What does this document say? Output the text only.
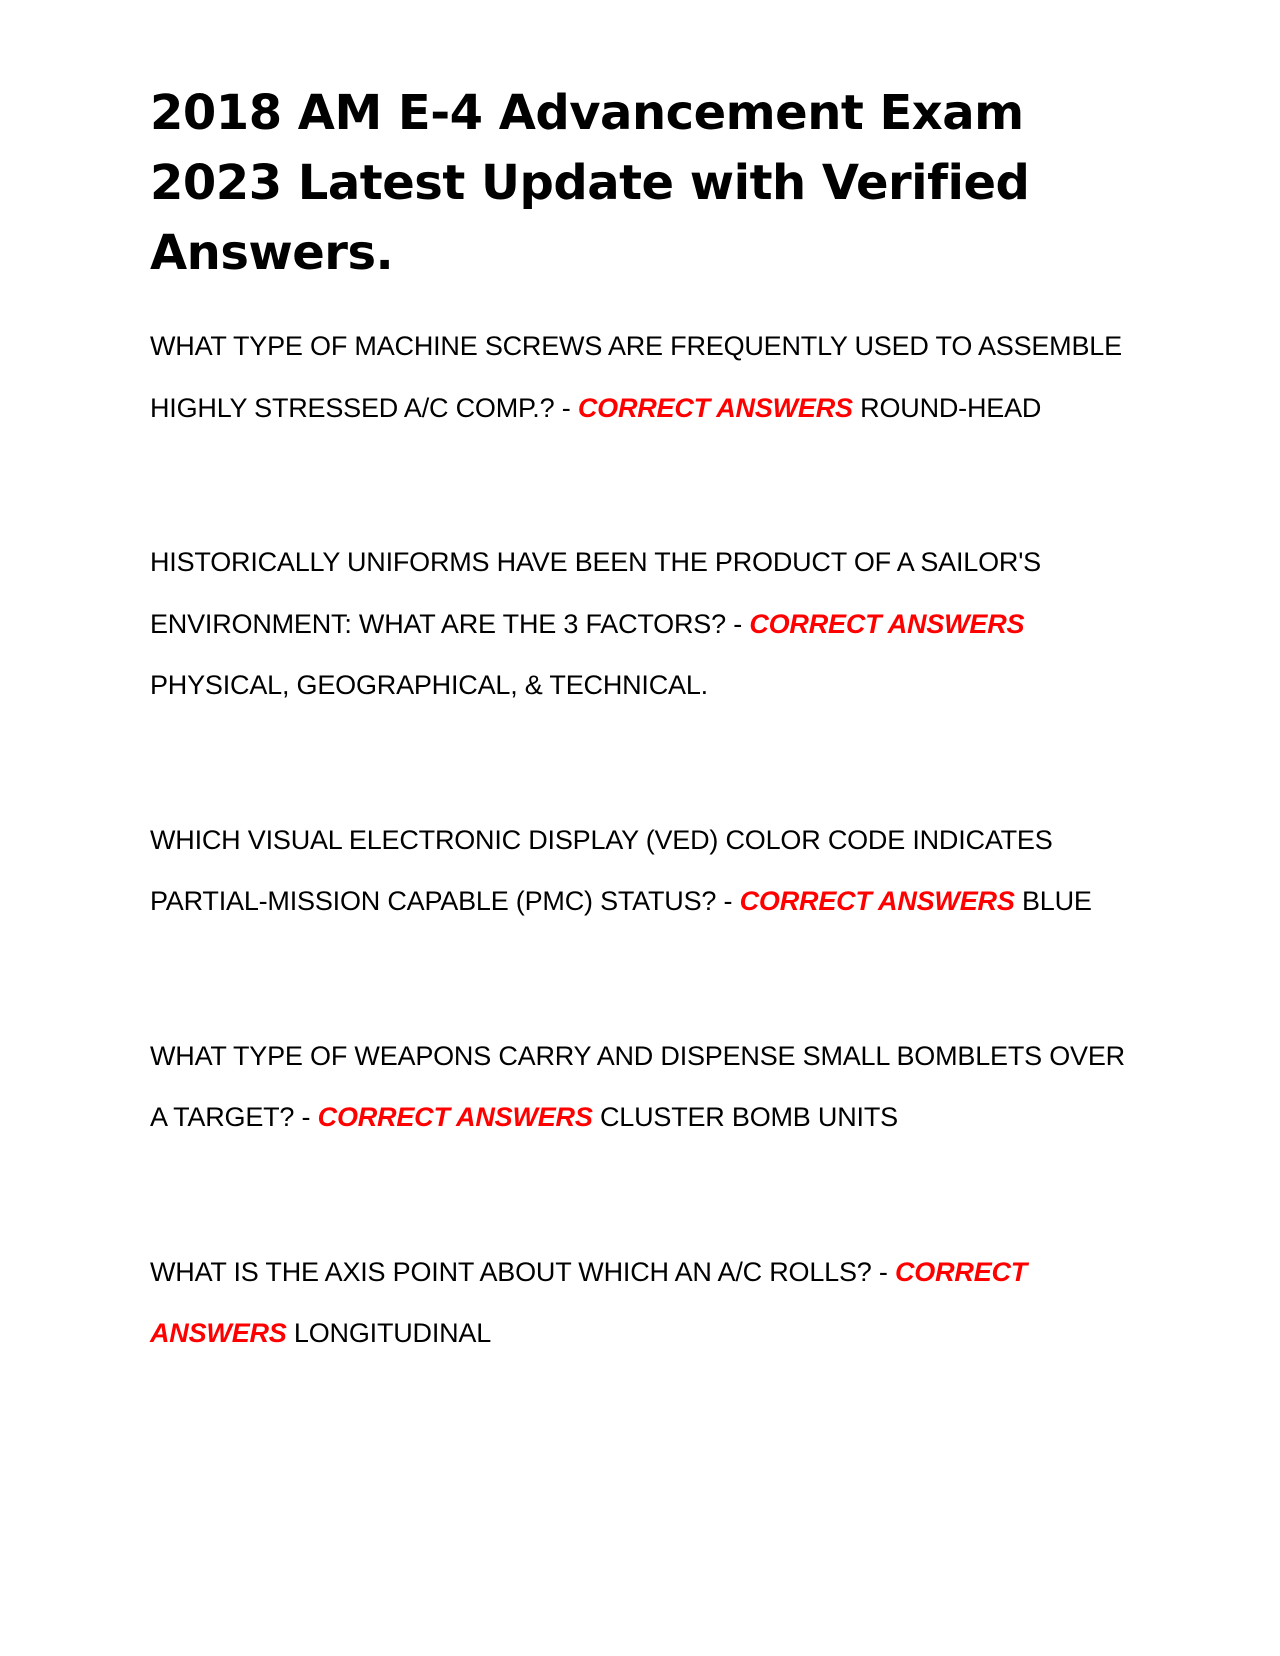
2018 AM E-4 Advancement Exam 2023 Latest Update with Verified Answers.

WHAT TYPE OF MACHINE SCREWS ARE FREQUENTLY USED TO ASSEMBLE HIGHLY STRESSED A/C COMP.? - CORRECT ANSWERS ROUND-HEAD

HISTORICALLY UNIFORMS HAVE BEEN THE PRODUCT OF A SAILOR'S ENVIRONMENT: WHAT ARE THE 3 FACTORS? - CORRECT ANSWERS PHYSICAL, GEOGRAPHICAL, & TECHNICAL.

WHICH VISUAL ELECTRONIC DISPLAY (VED) COLOR CODE INDICATES PARTIAL-MISSION CAPABLE (PMC) STATUS? - CORRECT ANSWERS BLUE

WHAT TYPE OF WEAPONS CARRY AND DISPENSE SMALL BOMBLETS OVER A TARGET? - CORRECT ANSWERS CLUSTER BOMB UNITS

WHAT IS THE AXIS POINT ABOUT WHICH AN A/C ROLLS? - CORRECT ANSWERS LONGITUDINAL
